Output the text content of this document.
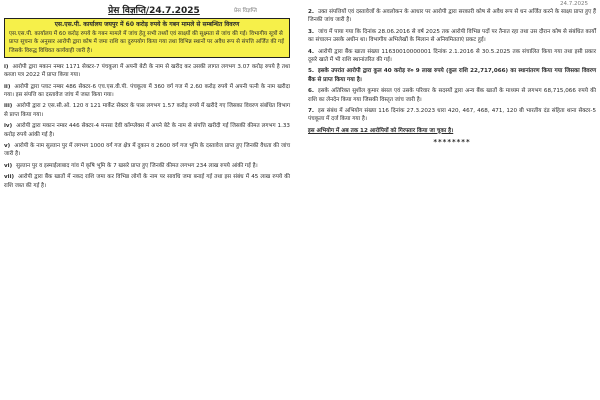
प्रेस विज्ञप्ति
24.7.2025
प्रेस विज्ञप्ति/24.7.2025
एस.एस.पी. कार्यालय जयपुर में 60 करोड़ रुपये के गबन मामले से सम्बन्धित विवरण
एस.एस.पी. कार्यालय में 60 करोड़ रुपये के गबन मामले में जांच हेतु सभी तथ्यों एवं साक्ष्यों की सूक्ष्मता से जांच की गई। विभागीय सूत्रों से प्राप्त सूचना के अनुसार आरोपी द्वारा कोष में जमा राशि का दुरुपयोग किया गया तथा विभिन्न स्थानों पर अवैध रूप से संपत्ति अर्जित की गई जिसके विरुद्ध विधिवत कार्यवाही जारी है।

i) आरोपी द्वारा मकान नम्बर 1171 सेक्टर-7 पंचकूला में अपनी बेटी के नाम से खरीद कर उसकी लागत लगभग 3.07 करोड़ रुपये है तथा कब्जा पत्र 2022 में प्राप्त किया गया।

ii) आरोपी द्वारा प्लाट नम्बर 486 सेक्टर-6 एच.एस.वी.पी. पंचकूला में 360 वर्ग गज में 2.60 करोड़ रुपये में अपनी पत्नी के नाम खरीदा गया। इस संपत्ति का दस्तावेज जांच में जब्त किया गया।

iii) आरोपी द्वारा 2 एस.सी.ओ. 120 व 121 मार्केट सेक्टर के पास लगभग 1.57 करोड़ रुपये में खरीदे गए जिसका विवरण संबंधित विभाग से प्राप्त किया गया।

iv) आरोपी द्वारा मकान नम्बर 446 सेक्टर-4 मनसा देवी कॉम्प्लेक्स में अपने बेटे के नाम से संपत्ति खरीदी गई जिसकी कीमत लगभग 1.33 करोड़ रुपये आंकी गई है।

v) आरोपी के नाम सुल्तान पुर में लगभग 1000 वर्ग गज क्षेत्र में दुकान व 2600 वर्ग गज भूमि के दस्तावेज प्राप्त हुए जिनकी वैधता की जांच जारी है।

vi) सुल्तान पुर व इस्माईलाबाद गांव में कृषि भूमि के 7 खसरे प्राप्त हुए जिनकी कीमत लगभग 234 लाख रुपये आंकी गई है।

vii) आरोपी द्वारा बैंक खातों में नकद राशि जमा कर विभिन्न लोगों के नाम पर सावधि जमा बनाई गई तथा इस संबंध में 45 लाख रुपये की राशि जब्त की गई है।

2. उक्त संपत्तियों एवं दस्तावेजों के अवलोकन के आधार पर आरोपी द्वारा सरकारी कोष से अवैध रूप से धन अर्जित करने के साक्ष्य प्राप्त हुए हैं जिनकी जांच जारी है।

3. जांच में पाया गया कि दिनांक 28.06.2016 से वर्ष 2025 तक आरोपी विभिन्न पदों पर तैनात रहा तथा उस दौरान कोष से संबंधित कार्यों का संचालन उसके अधीन था। विभागीय अभिलेखों के मिलान से अनियमितताएं प्रकट हुई।

4. आरोपी द्वारा बैंक खाता संख्या 11630010000001 दिनांक 2.1.2016 से 30.5.2025 तक संचालित किया गया तथा इसी प्रकार दूसरे खाते में भी राशि स्थानांतरित की गई।

5. इसके उपरांत आरोपी द्वारा कुल 40 करोड़ रु० 9 लाख रुपये (कुल राशि 22,717,066) का स्थानांतरण किया गया जिसका विवरण बैंक से प्राप्त किया गया है।

6. इसके अतिरिक्त सुशील कुमार बंसल एवं उसके परिवार के सदस्यों द्वारा अन्य बैंक खातों के माध्यम से लगभग 68,715,066 रुपये की राशि का लेनदेन किया गया जिसकी विस्तृत जांच जारी है।

7. इस संबंध में अभियोग संख्या 116 दिनांक 27.3.2023 धारा 420, 467, 468, 471, 120 बी भारतीय दंड संहिता थाना सेक्टर-5 पंचकूला में दर्ज किया गया है।

इस अभियोग में अब तक 12 आरोपियों को गिरफ्तार किया जा चुका है।

********
